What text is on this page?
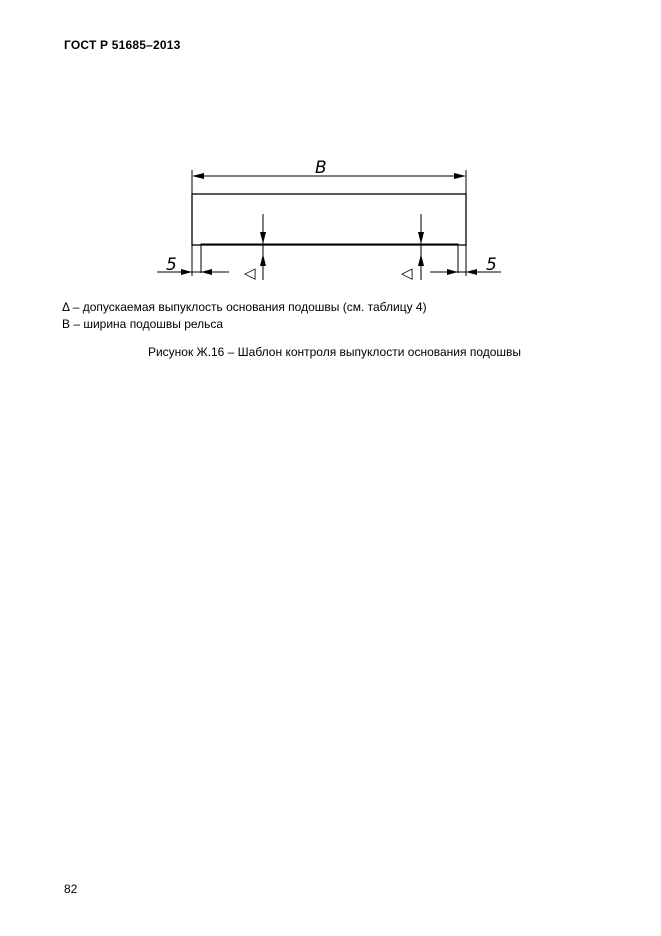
ГОСТ Р 51685–2013
B
5	5
◁	◁
Δ – допускаемая выпуклость основания подошвы (см. таблицу 4)
В – ширина подошвы рельса
Рисунок Ж.16 – Шаблон контроля выпуклости основания подошвы
82
